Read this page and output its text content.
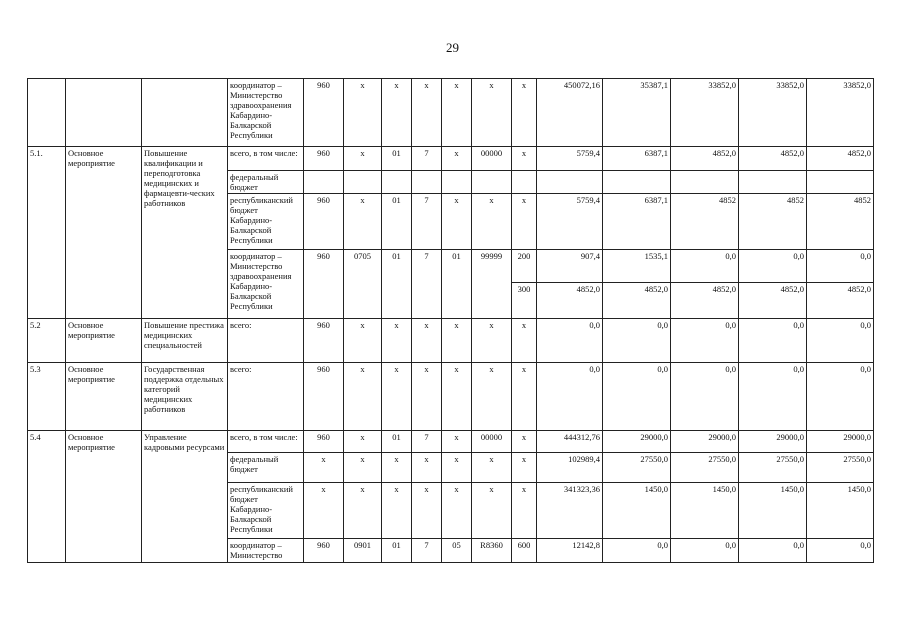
29
			координатор – Министерство здравоохранения Кабардино-Балкарской Республики	960	х	х	х	х	х	х	450072,16	35387,1	33852,0	33852,0	33852,0
5.1.	Основное мероприятие	Повышение квалификации и переподготовка медицинских и фармацевти-ческих работников	всего, в том числе:	960	х	01	7	х	00000	х	5759,4	6387,1	4852,0	4852,0	4852,0
			федеральный бюджет												
			республиканский бюджет Кабардино-Балкарской Республики	960	х	01	7	х	х	х	5759,4	6387,1	4852	4852	4852
			координатор – Министерство здравоохранения Кабардино-Балкарской Республики	960	0705	01	7	01	99999	200	907,4	1535,1	0,0	0,0	0,0
										300	4852,0	4852,0	4852,0	4852,0	4852,0
5.2	Основное мероприятие	Повышение престижа медицинских специальностей	всего:	960	х	х	х	х	х	х	0,0	0,0	0,0	0,0	0,0
5.3	Основное мероприятие	Государственная поддержка отдельных категорий медицинских работников	всего:	960	х	х	х	х	х	х	0,0	0,0	0,0	0,0	0,0
5.4	Основное мероприятие	Управление кадровыми ресурсами	всего, в том числе:	960	х	01	7	х	00000	х	444312,76	29000,0	29000,0	29000,0	29000,0
			федеральный бюджет	х	х	х	х	х	х	х	102989,4	27550,0	27550,0	27550,0	27550,0
			республиканский бюджет Кабардино-Балкарской Республики	х	х	х	х	х	х	х	341323,36	1450,0	1450,0	1450,0	1450,0
			координатор – Министерство	960	0901	01	7	05	R8360	600	12142,8	0,0	0,0	0,0	0,0
